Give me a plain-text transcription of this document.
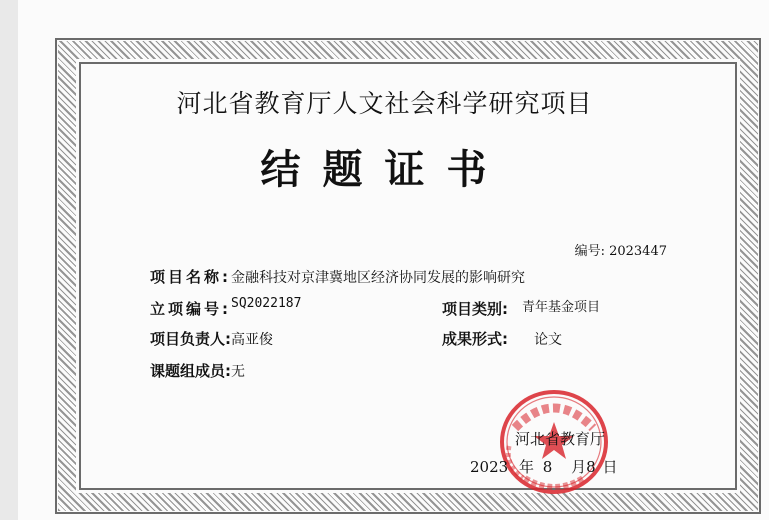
河北省教育厅人文社会科学研究项目
结题证书
编号: 2023447
项目名称:金融科技对京津冀地区经济协同发展的影响研究
立项编号:SQ2022187	项目类别: 青年基金项目
项目负责人:高亚俊	成果形式: 论文
课题组成员:无
河北省教育厅
2023 年 8 月8 日
